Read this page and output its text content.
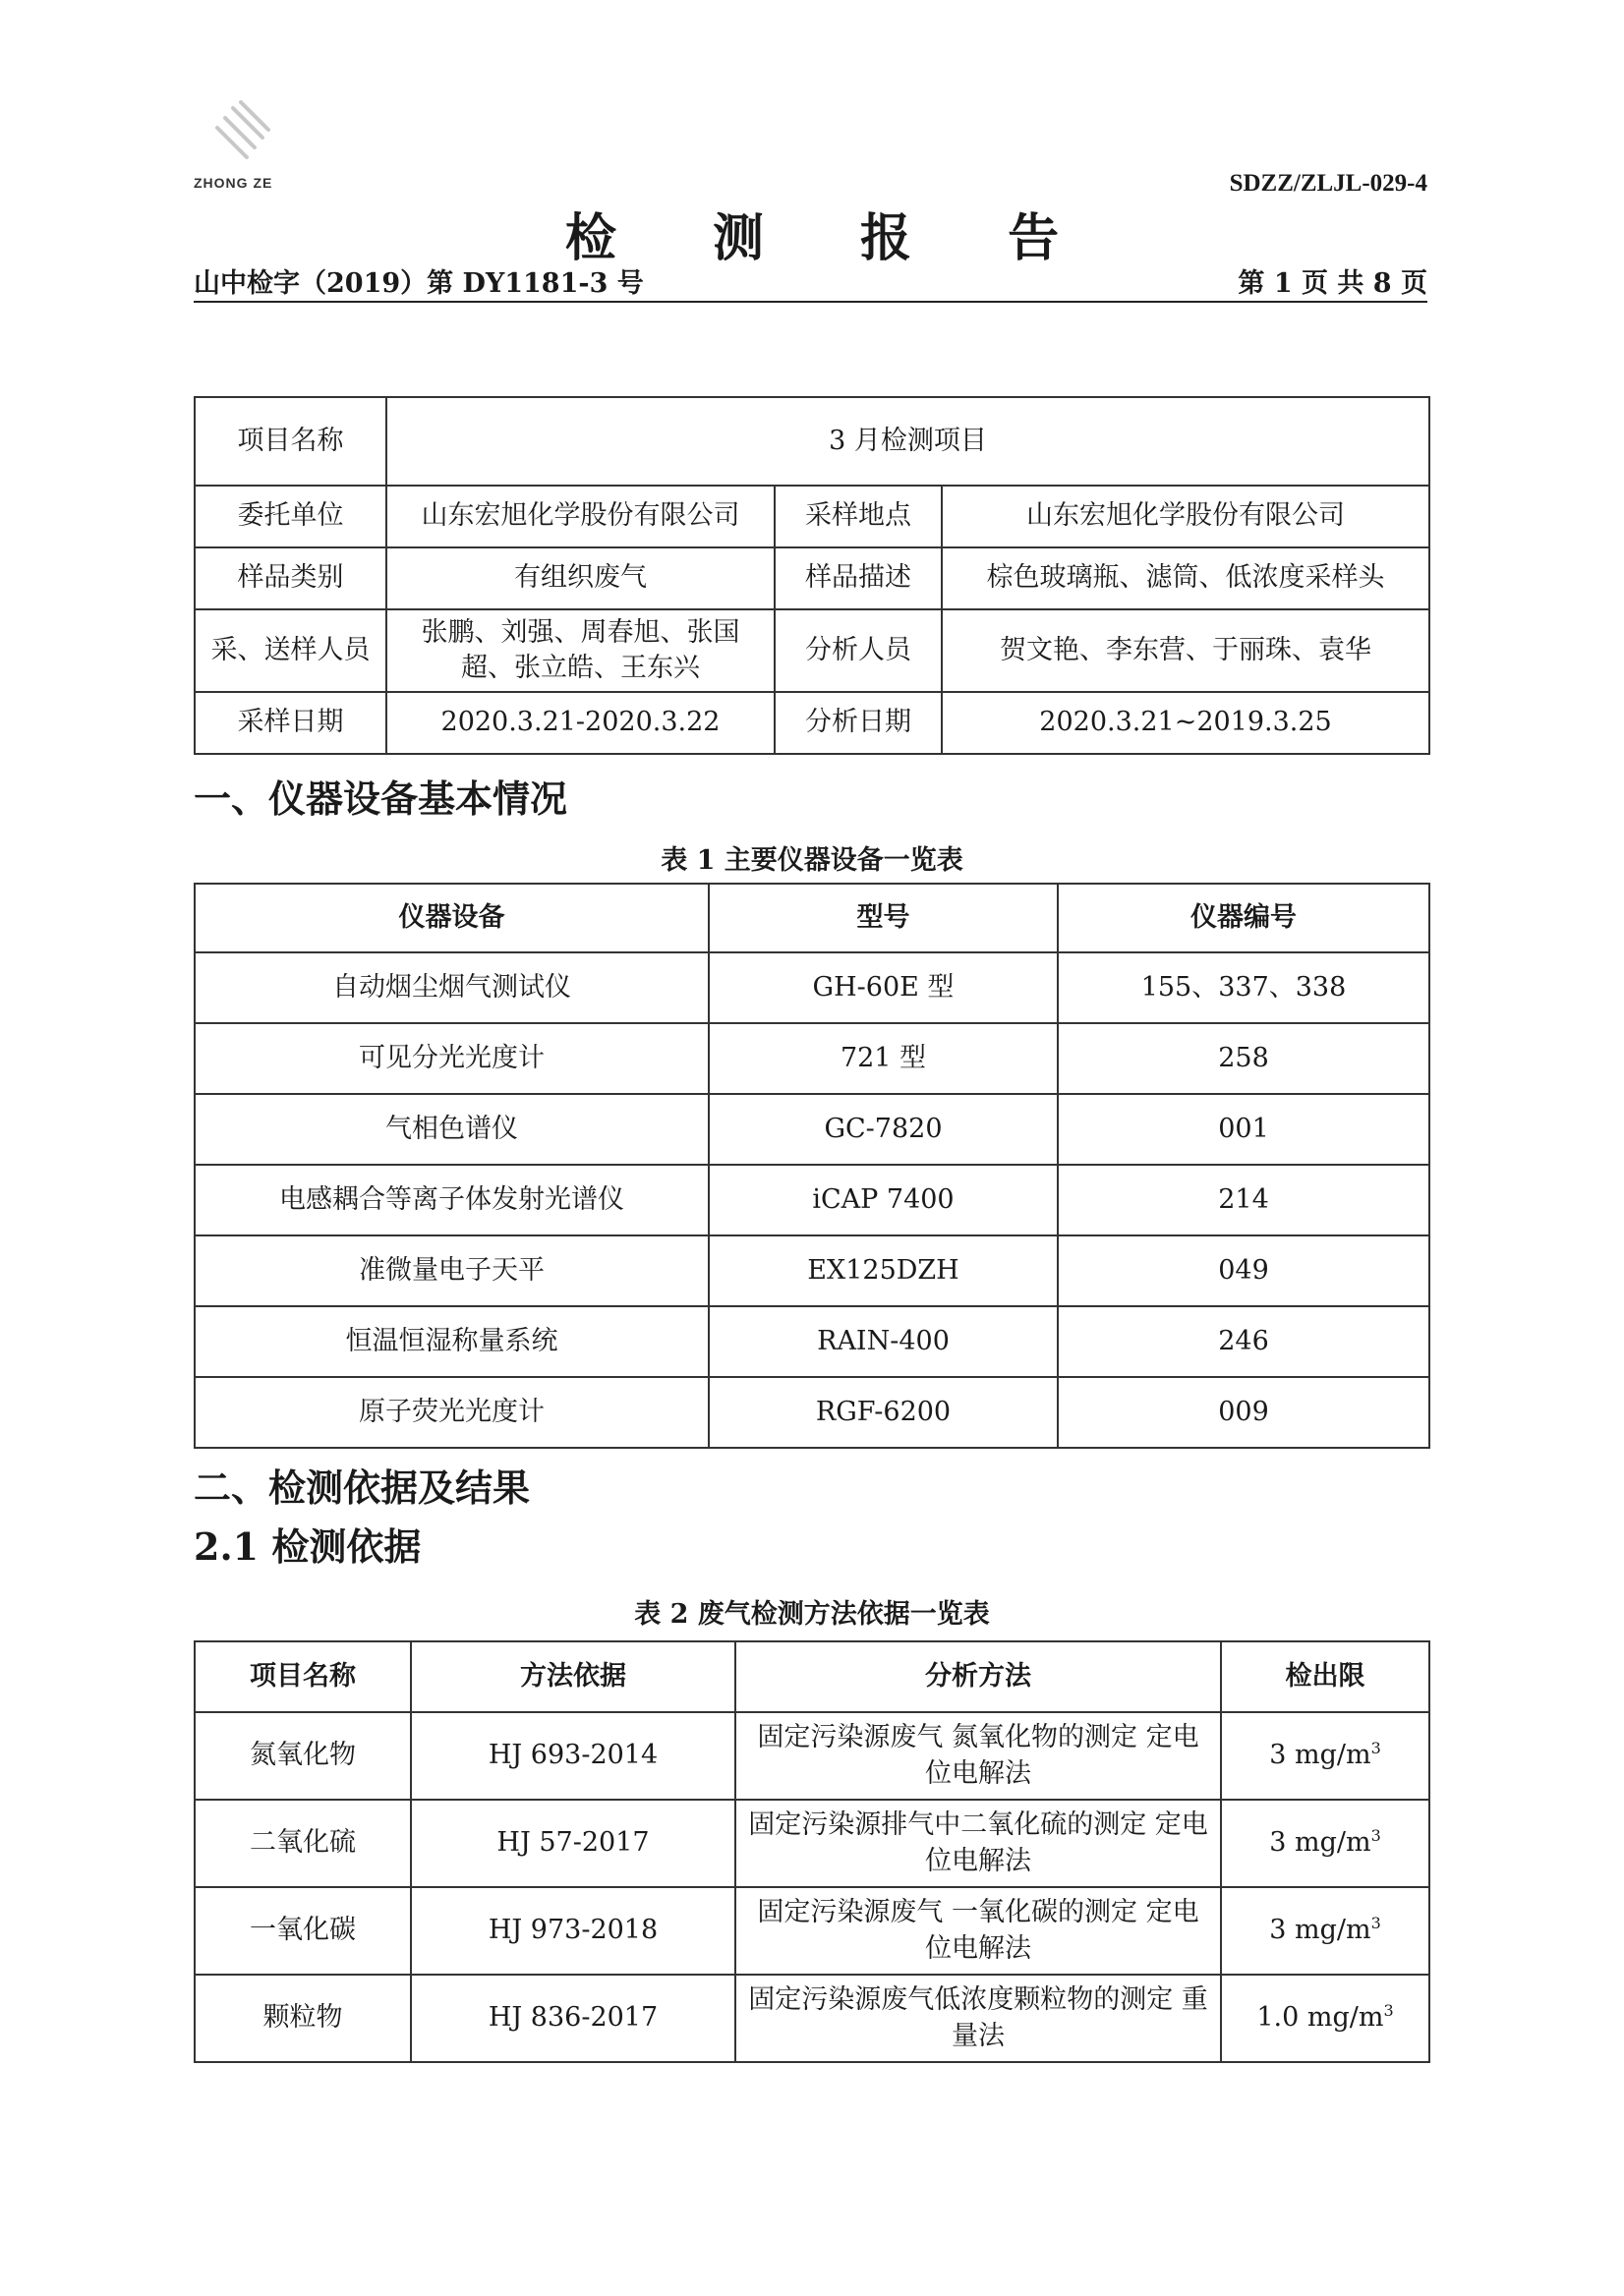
ZHONG ZE	SDZZ/ZLJL-029-4
检 测 报 告
山中检字（2019）第 DY1181-3 号	第 1 页 共 8 页
项目名称	3 月检测项目		
委托单位	山东宏旭化学股份有限公司	采样地点	山东宏旭化学股份有限公司
样品类别	有组织废气	样品描述	棕色玻璃瓶、滤筒、低浓度采样头
采、送样人员	张鹏、刘强、周春旭、张国超、张立皓、王东兴	分析人员	贺文艳、李东营、于丽珠、袁华
采样日期	2020.3.21-2020.3.22	分析日期	2020.3.21~2019.3.25
一、仪器设备基本情况
表 1 主要仪器设备一览表
仪器设备	型号	仪器编号
自动烟尘烟气测试仪	GH-60E 型	155、337、338
可见分光光度计	721 型	258
气相色谱仪	GC-7820	001
电感耦合等离子体发射光谱仪	iCAP 7400	214
准微量电子天平	EX125DZH	049
恒温恒湿称量系统	RAIN-400	246
原子荧光光度计	RGF-6200	009
二、检测依据及结果
2.1 检测依据
表 2 废气检测方法依据一览表
项目名称	方法依据	分析方法	检出限
氮氧化物	HJ 693-2014	固定污染源废气 氮氧化物的测定 定电位电解法	3 $mg/m^3$
二氧化硫	HJ 57-2017	固定污染源排气中二氧化硫的测定 定电位电解法	3 $mg/m^3$
一氧化碳	HJ 973-2018	固定污染源废气 一氧化碳的测定 定电位电解法	3 $mg/m^3$
颗粒物	HJ 836-2017	固定污染源废气低浓度颗粒物的测定 重量法	1.0 $mg/m^3$
